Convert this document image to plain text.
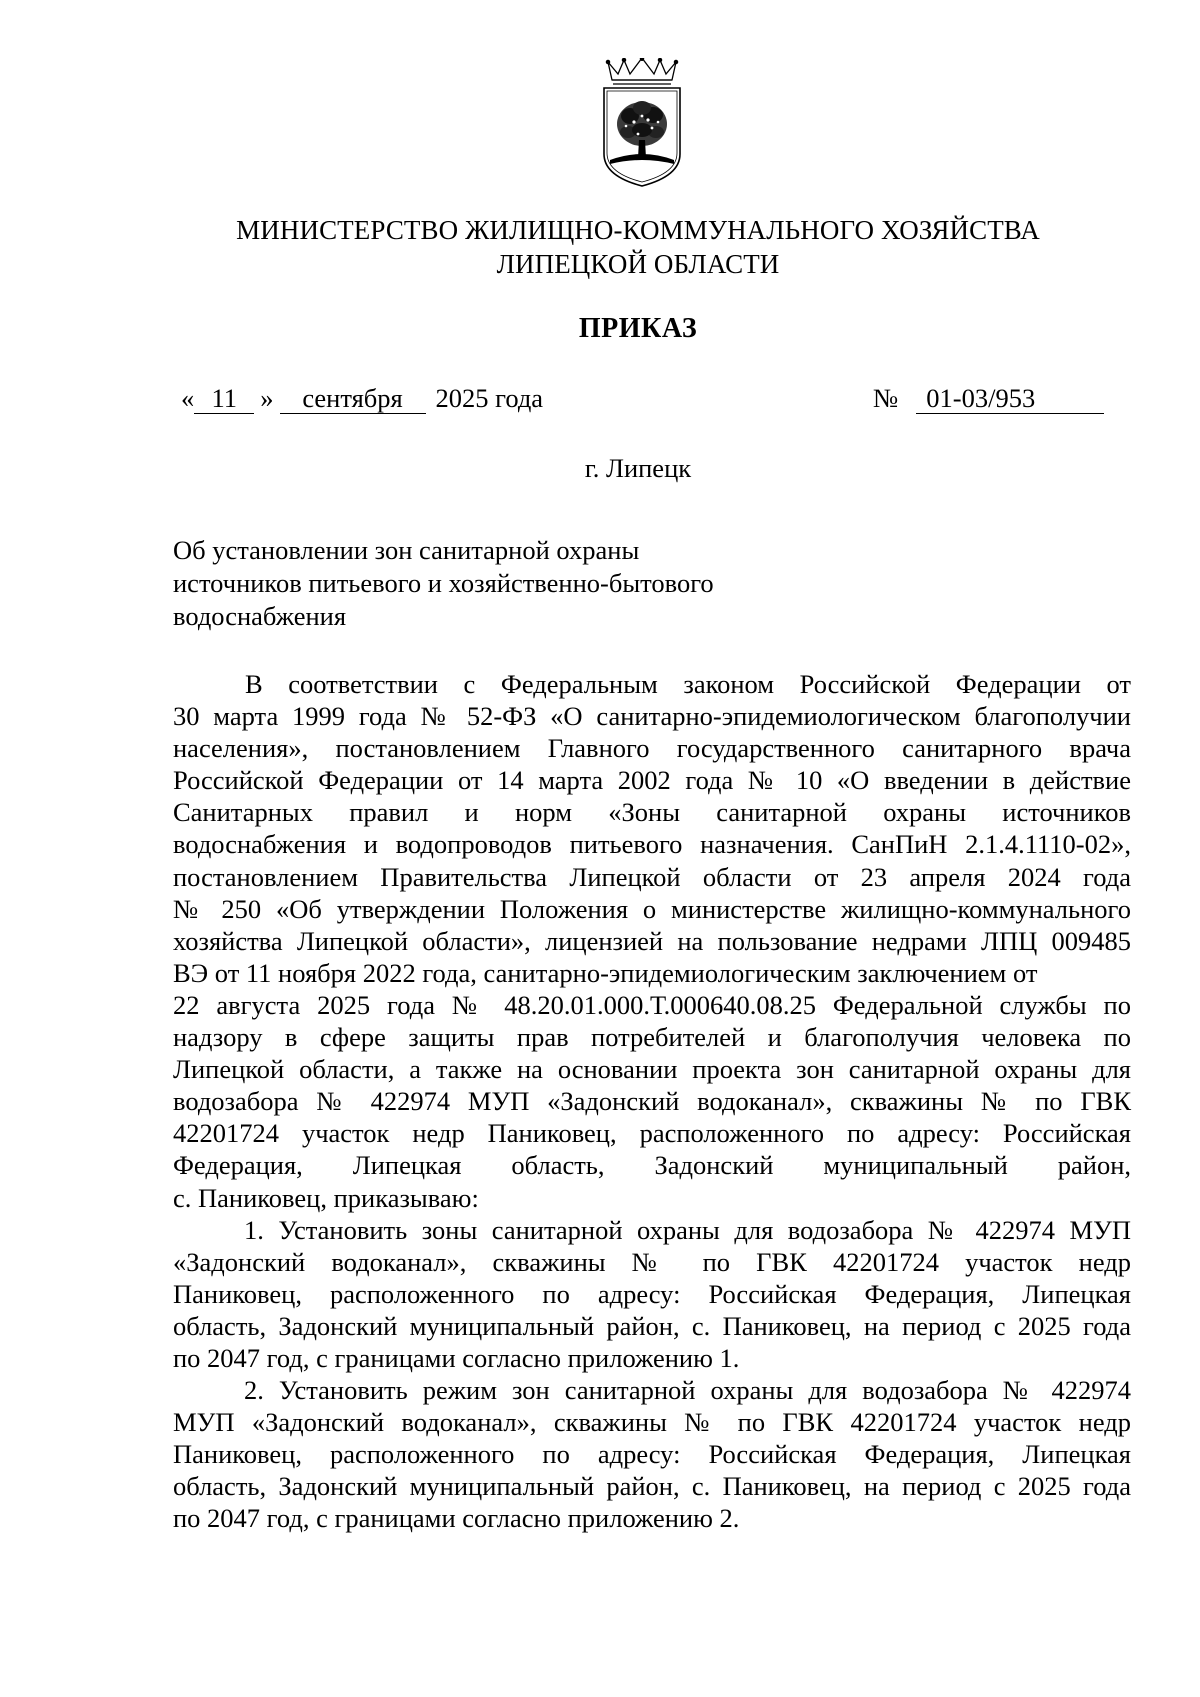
МИНИСТЕРСТВО ЖИЛИЩНО-КОММУНАЛЬНОГО ХОЗЯЙСТВА
ЛИПЕЦКОЙ ОБЛАСТИ
ПРИКАЗ
« 11 » сентября 2025 года	№ 01-03/953
г. Липецк
Об установлении зон санитарной охраны
источников питьевого и хозяйственно-бытового
водоснабжения
В соответствии с Федеральным законом Российской Федерации от
30 марта 1999 года № 52-ФЗ «О санитарно-эпидемиологическом благополучии
населения», постановлением Главного государственного санитарного врача
Российской Федерации от 14 марта 2002 года № 10 «О введении в действие
Санитарных правил и норм «Зоны санитарной охраны источников
водоснабжения и водопроводов питьевого назначения. СанПиН 2.1.4.1110-02»,
постановлением Правительства Липецкой области от 23 апреля 2024 года
№ 250 «Об утверждении Положения о министерстве жилищно-коммунального
хозяйства Липецкой области», лицензией на пользование недрами ЛПЦ 009485
ВЭ от 11 ноября 2022 года, санитарно-эпидемиологическим заключением от
22 августа 2025 года № 48.20.01.000.Т.000640.08.25 Федеральной службы по
надзору в сфере защиты прав потребителей и благополучия человека по
Липецкой области, а также на основании проекта зон санитарной охраны для
водозабора № 422974 МУП «Задонский водоканал», скважины № по ГВК
42201724 участок недр Паниковец, расположенного по адресу: Российская
Федерация, Липецкая область, Задонский муниципальный район,
с. Паниковец, приказываю:
1. Установить зоны санитарной охраны для водозабора № 422974 МУП
«Задонский водоканал», скважины № по ГВК 42201724 участок недр
Паниковец, расположенного по адресу: Российская Федерация, Липецкая
область, Задонский муниципальный район, с. Паниковец, на период с 2025 года
по 2047 год, с границами согласно приложению 1.
2. Установить режим зон санитарной охраны для водозабора № 422974
МУП «Задонский водоканал», скважины № по ГВК 42201724 участок недр
Паниковец, расположенного по адресу: Российская Федерация, Липецкая
область, Задонский муниципальный район, с. Паниковец, на период с 2025 года
по 2047 год, с границами согласно приложению 2.
